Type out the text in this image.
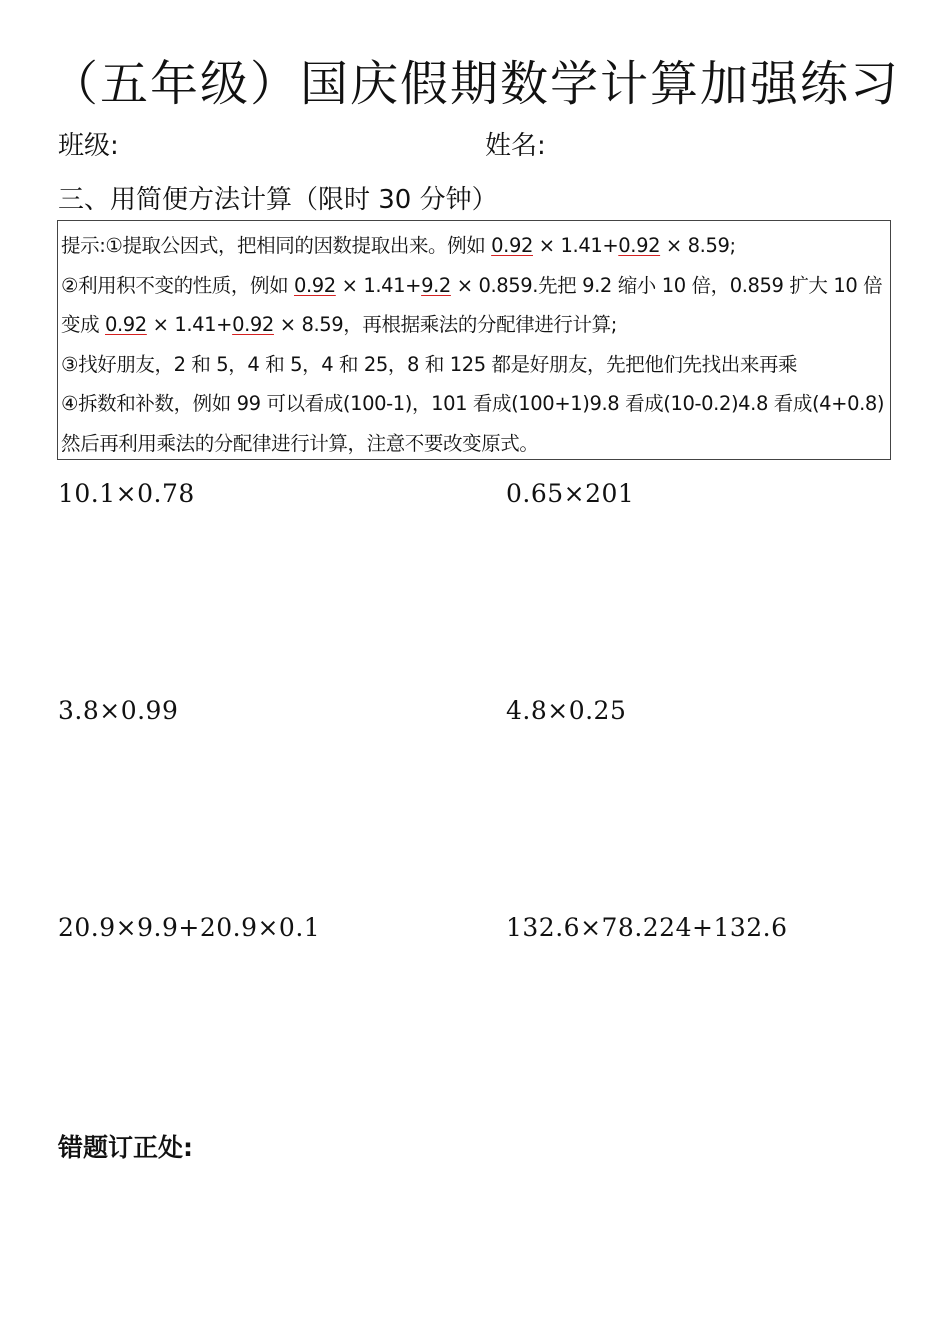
（五年级）国庆假期数学计算加强练习
班级:	姓名:
三、用简便方法计算（限时 30 分钟）
提示:①提取公因式，把相同的因数提取出来。例如 0.92 × 1.41+0.92 × 8.59;
②利用积不变的性质，例如 0.92 × 1.41+9.2 × 0.859.先把 9.2 缩小 10 倍，0.859 扩大 10 倍
变成 0.92 × 1.41+0.92 × 8.59，再根据乘法的分配律进行计算;
③找好朋友，2 和 5，4 和 5，4 和 25，8 和 125 都是好朋友，先把他们先找出来再乘
④拆数和补数，例如 99 可以看成(100-1)，101 看成(100+1)9.8 看成(10-0.2)4.8 看成(4+0.8)
然后再利用乘法的分配律进行计算，注意不要改变原式。
10.1×0.78	0.65×201
3.8×0.99	4.8×0.25
20.9×9.9+20.9×0.1	132.6×78.224+132.6
错题订正处:
